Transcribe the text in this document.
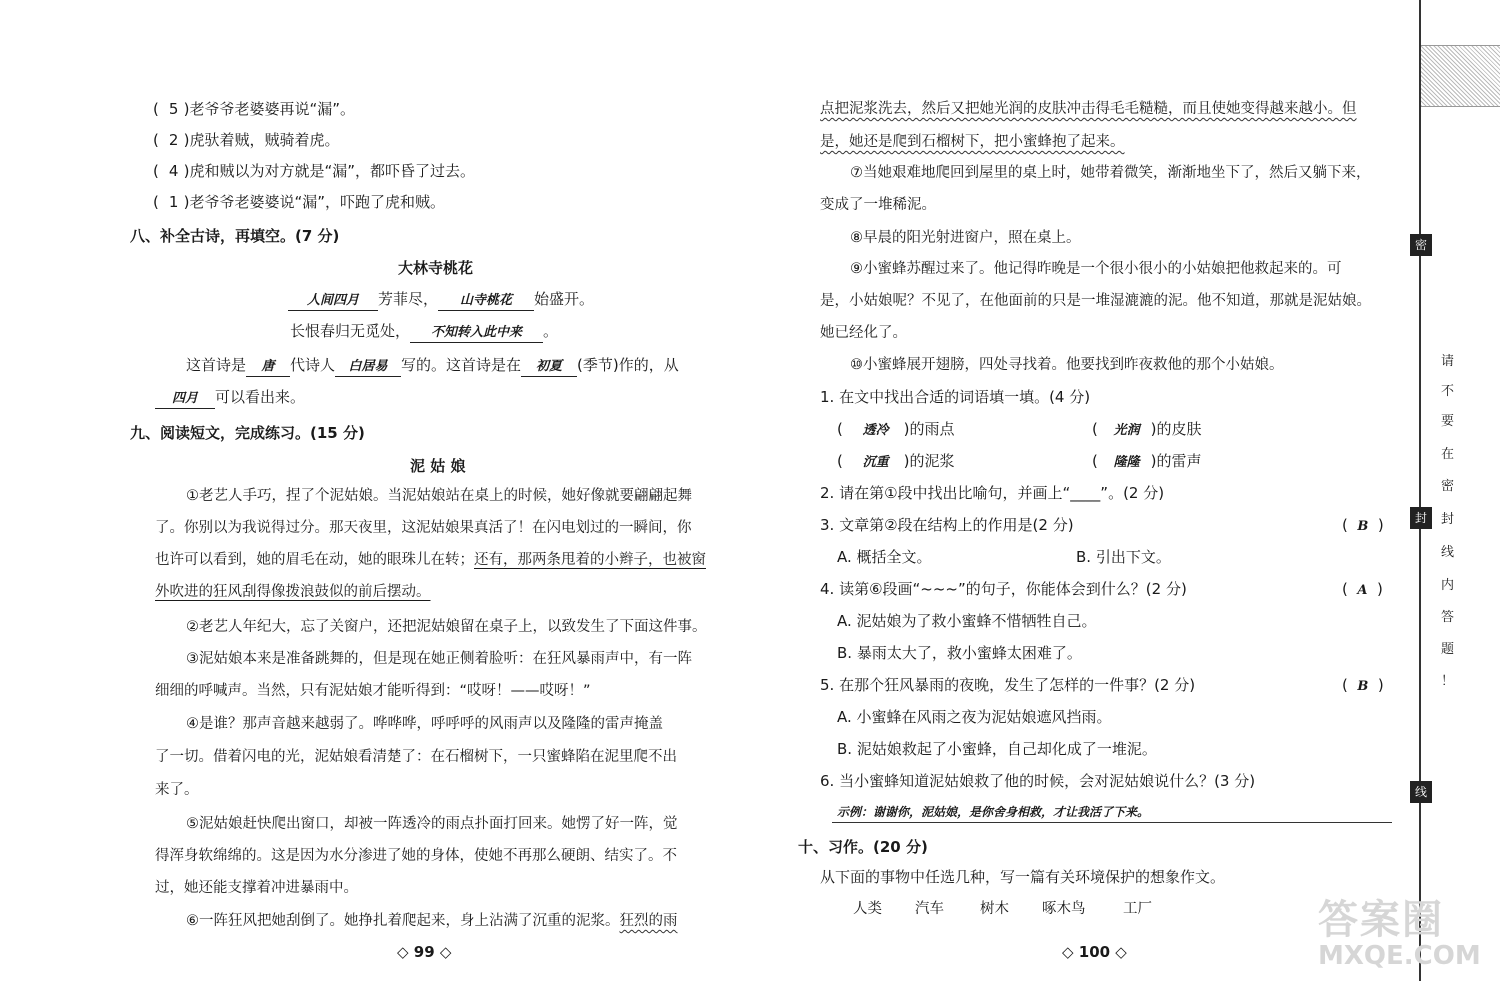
( 5 )老爷爷老婆婆再说“漏”。
( 2 )虎驮着贼，贼骑着虎。
( 4 )虎和贼以为对方就是“漏”，都吓昏了过去。
( 1 )老爷爷老婆婆说“漏”，吓跑了虎和贼。
八、补全古诗，再填空。(7 分)
大林寺桃花
人间四月 芳菲尽， 山寺桃花 始盛开。
长恨春归无觅处， 不知转入此中来 。
这首诗是 唐 代诗人 白居易 写的。这首诗是在 初夏 (季节)作的，从
四月 可以看出来。
九、阅读短文，完成练习。(15 分)
泥 姑 娘
①老艺人手巧，捏了个泥姑娘。当泥姑娘站在桌上的时候，她好像就要翩翩起舞
了。你别以为我说得过分。那天夜里，这泥姑娘果真活了！在闪电划过的一瞬间，你
也许可以看到，她的眉毛在动，她的眼珠儿在转；还有，那两条甩着的小辫子，也被窗
外吹进的狂风刮得像拨浪鼓似的前后摆动。
②老艺人年纪大，忘了关窗户，还把泥姑娘留在桌子上，以致发生了下面这件事。
③泥姑娘本来是准备跳舞的，但是现在她正侧着脸听：在狂风暴雨声中，有一阵
细细的呼喊声。当然，只有泥姑娘才能听得到：“哎呀！——哎呀！”
④是谁？那声音越来越弱了。哗哗哗，呼呼呼的风雨声以及隆隆的雷声掩盖
了一切。借着闪电的光，泥姑娘看清楚了：在石榴树下，一只蜜蜂陷在泥里爬不出
来了。
⑤泥姑娘赶快爬出窗口，却被一阵透冷的雨点扑面打回来。她愣了好一阵，觉
得浑身软绵绵的。这是因为水分渗进了她的身体，使她不再那么硬朗、结实了。不
过，她还能支撑着冲进暴雨中。
⑥一阵狂风把她刮倒了。她挣扎着爬起来，身上沾满了沉重的泥浆。狂烈的雨
◇ 99 ◇
点把泥浆洗去，然后又把她光润的皮肤冲击得毛毛糙糙，而且使她变得越来越小。但
是，她还是爬到石榴树下，把小蜜蜂抱了起来。
⑦当她艰难地爬回到屋里的桌上时，她带着微笑，渐渐地坐下了，然后又躺下来，
变成了一堆稀泥。
⑧早晨的阳光射进窗户，照在桌上。
⑨小蜜蜂苏醒过来了。他记得昨晚是一个很小很小的小姑娘把他救起来的。可
是，小姑娘呢？不见了，在他面前的只是一堆湿漉漉的泥。他不知道，那就是泥姑娘。
她已经化了。
⑩小蜜蜂展开翅膀，四处寻找着。他要找到昨夜救他的那个小姑娘。
1. 在文中找出合适的词语填一填。(4 分)
( 透冷 )的雨点	( 光润 )的皮肤
( 沉重 )的泥浆	( 隆隆 )的雷声
2. 请在第①段中找出比喻句，并画上“____”。(2 分)
3. 文章第②段在结构上的作用是(2 分)	(  B  )
A. 概括全文。	B. 引出下文。
4. 读第⑥段画“~~~”的句子，你能体会到什么？(2 分)	(  A  )
A. 泥姑娘为了救小蜜蜂不惜牺牲自己。
B. 暴雨太大了，救小蜜蜂太困难了。
5. 在那个狂风暴雨的夜晚，发生了怎样的一件事？(2 分)	(  B  )
A. 小蜜蜂在风雨之夜为泥姑娘遮风挡雨。
B. 泥姑娘救起了小蜜蜂，自己却化成了一堆泥。
6. 当小蜜蜂知道泥姑娘救了他的时候，会对泥姑娘说什么？(3 分)
示例：谢谢你，泥姑娘，是你舍身相救，才让我活了下来。
十、习作。(20 分)
从下面的事物中任选几种，写一篇有关环境保护的想象作文。
人类 汽车 树木 啄木鸟	工厂
◇ 100 ◇
密
封
线
请
不
要
在
密
封
线
内
答
题
！
答案圈
MXQE.COM
